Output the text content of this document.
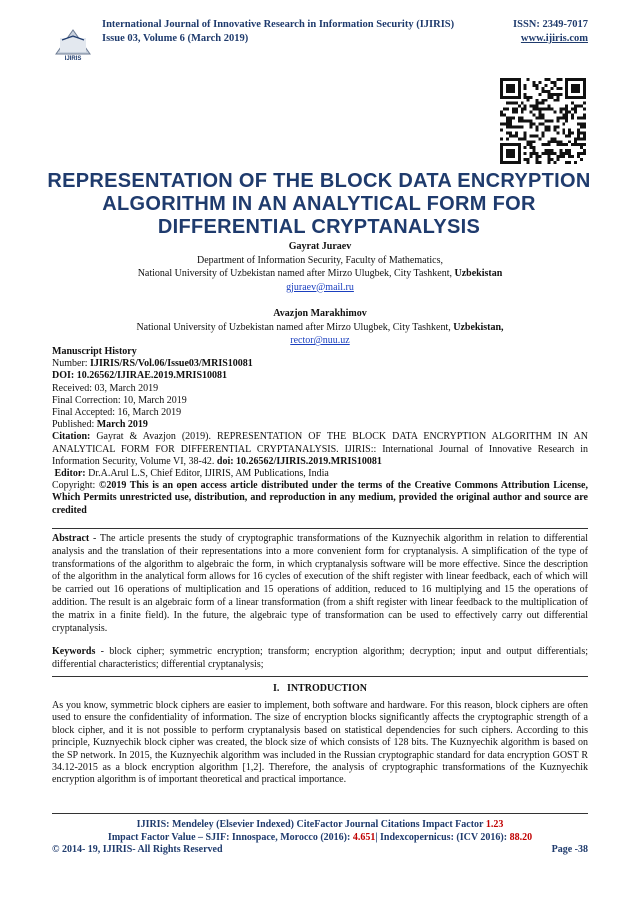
IJIRIS
International Journal of Innovative Research in Information Security (IJIRIS)
Issue 03, Volume 6 (March 2019)
ISSN: 2349-7017
www.ijiris.com
REPRESENTATION OF THE BLOCK DATA ENCRYPTION ALGORITHM IN AN ANALYTICAL FORM FOR DIFFERENTIAL CRYPTANALYSIS
Gayrat Juraev
Department of Information Security, Faculty of Mathematics,
National University of Uzbekistan named after Mirzo Ulugbek, City Tashkent, Uzbekistan
gjuraev@mail.ru
Avazjon Marakhimov
National University of Uzbekistan named after Mirzo Ulugbek, City Tashkent, Uzbekistan,
rector@nuu.uz
Manuscript History
Number: IJIRIS/RS/Vol.06/Issue03/MRIS10081
DOI: 10.26562/IJIRAE.2019.MRIS10081
Received: 03, March 2019
Final Correction: 10, March 2019
Final Accepted: 16, March 2019
Published: March 2019
Citation: Gayrat & Avazjon (2019). REPRESENTATION OF THE BLOCK DATA ENCRYPTION ALGORITHM IN AN ANALYTICAL FORM FOR DIFFERENTIAL CRYPTANALYSIS. IJIRIS:: International Journal of Innovative Research in Information Security, Volume VI, 38-42. doi: 10.26562/IJIRIS.2019.MRIS10081
Editor: Dr.A.Arul L.S, Chief Editor, IJIRIS, AM Publications, India
Copyright: ©2019 This is an open access article distributed under the terms of the Creative Commons Attribution License, Which Permits unrestricted use, distribution, and reproduction in any medium, provided the original author and source are credited
Abstract - The article presents the study of cryptographic transformations of the Kuznyechik algorithm in relation to differential analysis and the translation of their representations into a more convenient form for cryptanalysis. A simplification of the type of transformations of the algorithm to algebraic the form, in which cryptanalysis software will be more effective. Since the description of the algorithm in the analytical form allows for 16 cycles of execution of the shift register with linear feedback, each of which will be carried out 16 operations of multiplication and 15 operations of addition, reduced to 16 multiplying and 15 the operations of addition. The result is an algebraic form of a linear transformation (from a shift register with linear feedback to the multiplication of the matrix in a finite field). In the future, the algebraic type of transformation can be used to effectively carry out differential cryptanalysis.
Keywords - block cipher; symmetric encryption; transform; encryption algorithm; decryption; input and output differentials; differential characteristics; differential cryptanalysis;
I. INTRODUCTION
As you know, symmetric block ciphers are easier to implement, both software and hardware. For this reason, block ciphers are often used to ensure the confidentiality of information. The size of encryption blocks significantly affects the cryptographic strength of a block cipher, and it is not possible to perform cryptanalysis based on statistical dependencies for such ciphers. According to this principle, Kuznyechik block cipher was created, the block size of which consists of 128 bits. The Kuznyechik algorithm is based on the SP network. In 2015, the Kuznyechik algorithm was included in the Russian cryptographic standard for data encryption GOST R 34.12-2015 as a block encryption algorithm [1,2]. Therefore, the analysis of cryptographic transformations of the Kuznyechik encryption algorithm is of important theoretical and practical importance.
IJIRIS: Mendeley (Elsevier Indexed) CiteFactor Journal Citations Impact Factor 1.23
Impact Factor Value – SJIF: Innospace, Morocco (2016): 4.651| Indexcopernicus: (ICV 2016): 88.20
© 2014- 19, IJIRIS- All Rights Reserved	Page -38
